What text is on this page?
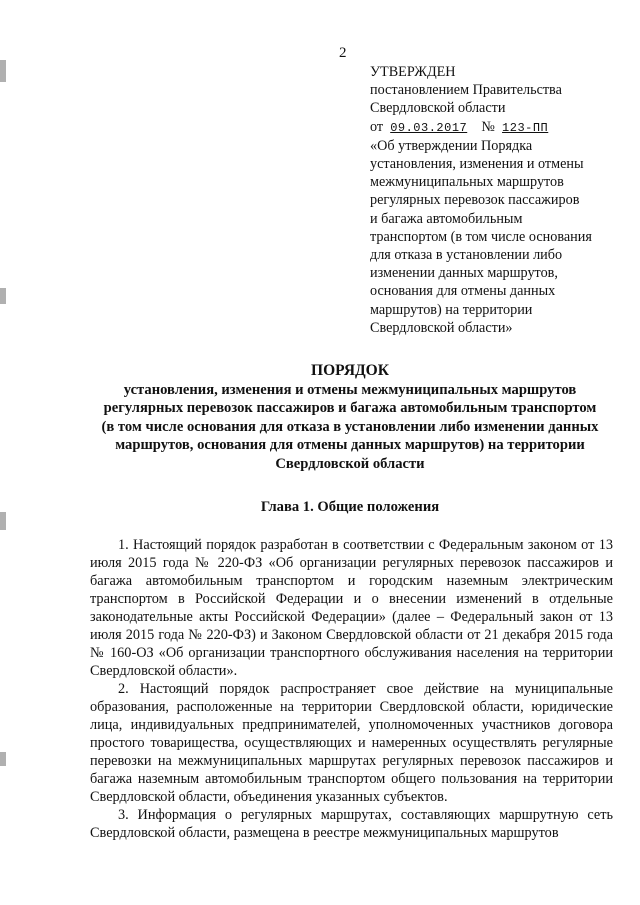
2
УТВЕРЖДЕН
постановлением Правительства
Свердловской области
от 09.03.2017 № 123-ПП
«Об утверждении Порядка
установления, изменения и отмены
межмуниципальных маршрутов
регулярных перевозок пассажиров
и багажа автомобильным
транспортом (в том числе основания
для отказа в установлении либо
изменении данных маршрутов,
основания для отмены данных
маршрутов) на территории
Свердловской области»
ПОРЯДОК
установления, изменения и отмены межмуниципальных маршрутов
регулярных перевозок пассажиров и багажа автомобильным транспортом
(в том числе основания для отказа в установлении либо изменении данных
маршрутов, основания для отмены данных маршрутов) на территории
Свердловской области
Глава 1. Общие положения

1. Настоящий порядок разработан в соответствии с Федеральным законом от 13 июля 2015 года № 220-ФЗ «Об организации регулярных перевозок пассажиров и багажа автомобильным транспортом и городским наземным электрическим транспортом в Российской Федерации и о внесении изменений в отдельные законодательные акты Российской Федерации» (далее – Федеральный закон от 13 июля 2015 года № 220-ФЗ) и Законом Свердловской области от 21 декабря 2015 года № 160-ОЗ «Об организации транспортного обслуживания населения на территории Свердловской области».

2. Настоящий порядок распространяет свое действие на муниципальные образования, расположенные на территории Свердловской области, юридические лица, индивидуальных предпринимателей, уполномоченных участников договора простого товарищества, осуществляющих и намеренных осуществлять регулярные перевозки на межмуниципальных маршрутах регулярных перевозок пассажиров и багажа наземным автомобильным транспортом общего пользования на территории Свердловской области, объединения указанных субъектов.

3. Информация о регулярных маршрутах, составляющих маршрутную сеть Свердловской области, размещена в реестре межмуниципальных маршрутов
